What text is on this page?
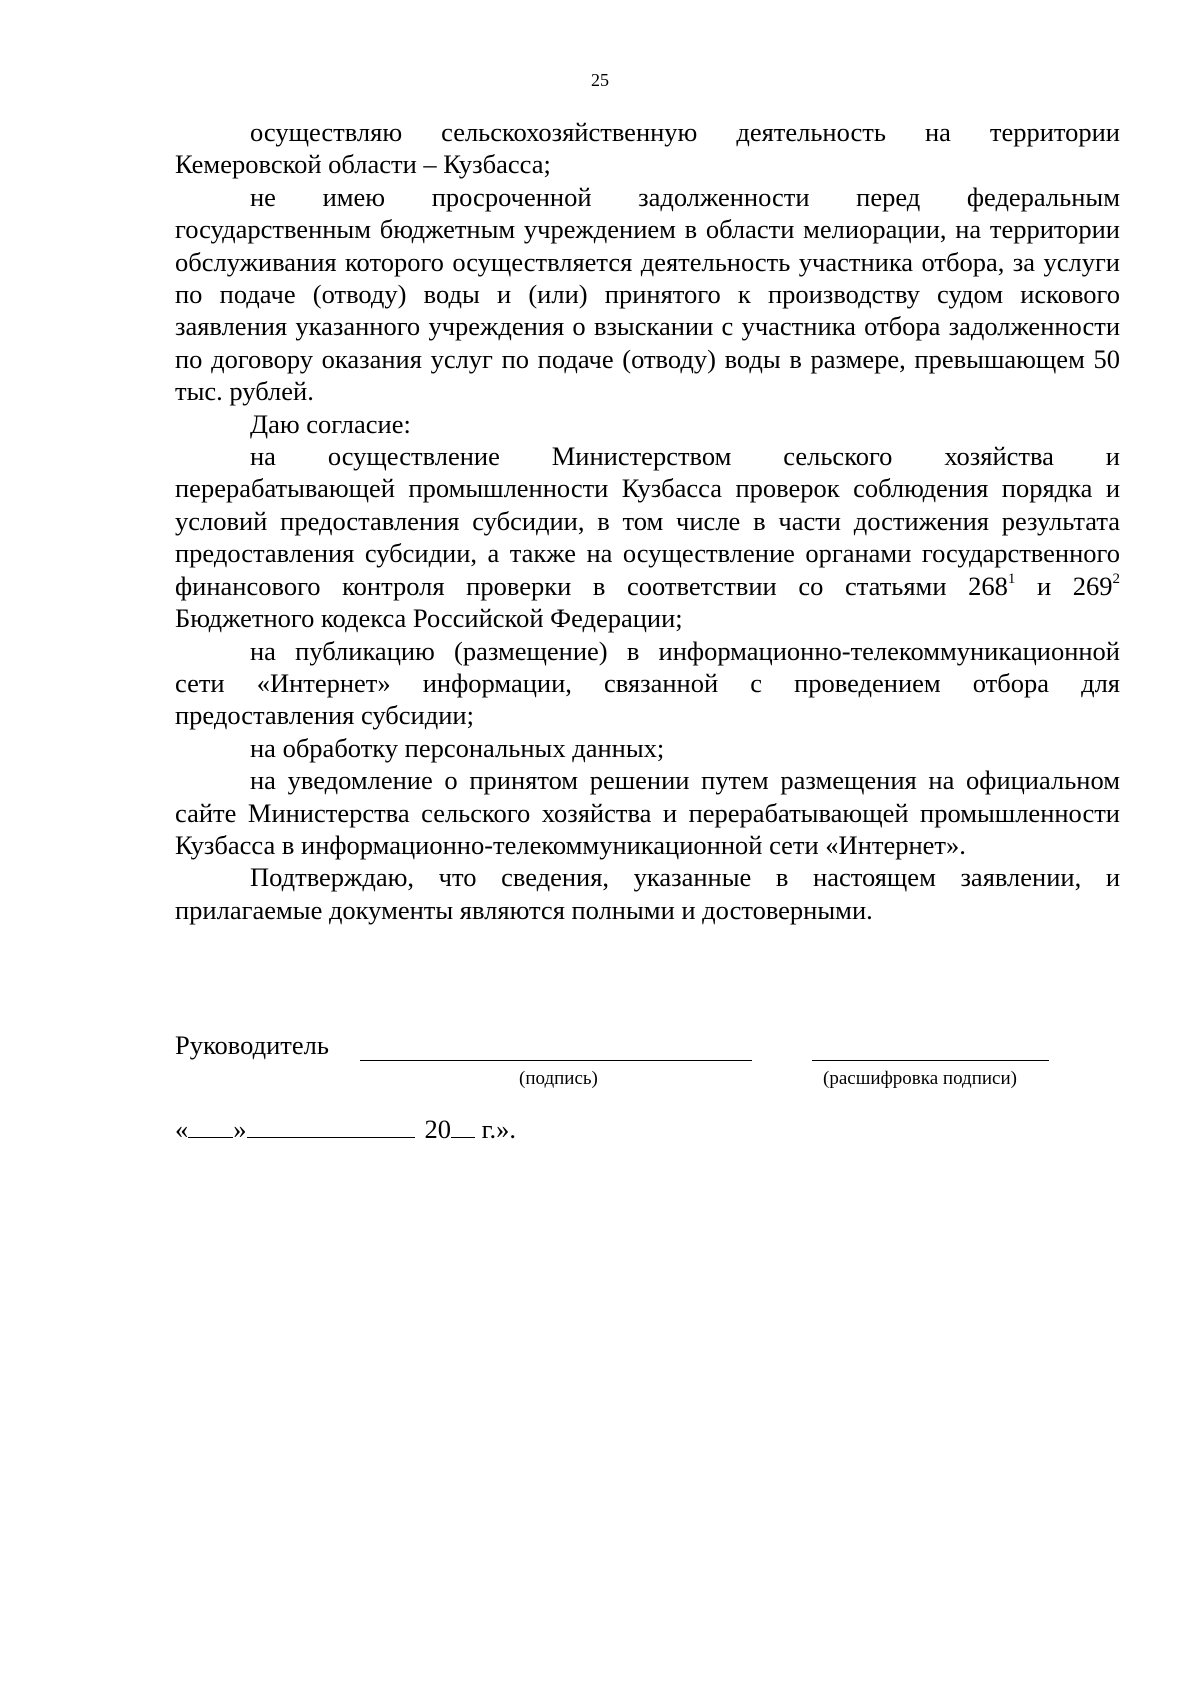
25

осуществляю сельскохозяйственную деятельность на территории Кемеровской области – Кузбасса;

не имею просроченной задолженности перед федеральным государственным бюджетным учреждением в области мелиорации, на территории обслуживания которого осуществляется деятельность участника отбора, за услуги по подаче (отводу) воды и (или) принятого к производству судом искового заявления указанного учреждения о взыскании с участника отбора задолженности по договору оказания услуг по подаче (отводу) воды в размере, превышающем 50 тыс. рублей.

Даю согласие:

на осуществление Министерством сельского хозяйства и перерабатывающей промышленности Кузбасса проверок соблюдения порядка и условий предоставления субсидии, в том числе в части достижения результата предоставления субсидии, а также на осуществление органами государственного финансового контроля проверки в соответствии со статьями $268^1$ и $269^2$ Бюджетного кодекса Российской Федерации;

на публикацию (размещение) в информационно-телекоммуникационной сети «Интернет» информации, связанной с проведением отбора для предоставления субсидии;

на обработку персональных данных;

на уведомление о принятом решении путем размещения на официальном сайте Министерства сельского хозяйства и перерабатывающей промышленности Кузбасса в информационно-телекоммуникационной сети «Интернет».

Подтверждаю, что сведения, указанные в настоящем заявлении, и прилагаемые документы являются полными и достоверными.

Руководитель
(подпись)	(расшифровка подписи)
« »	20 г.».
